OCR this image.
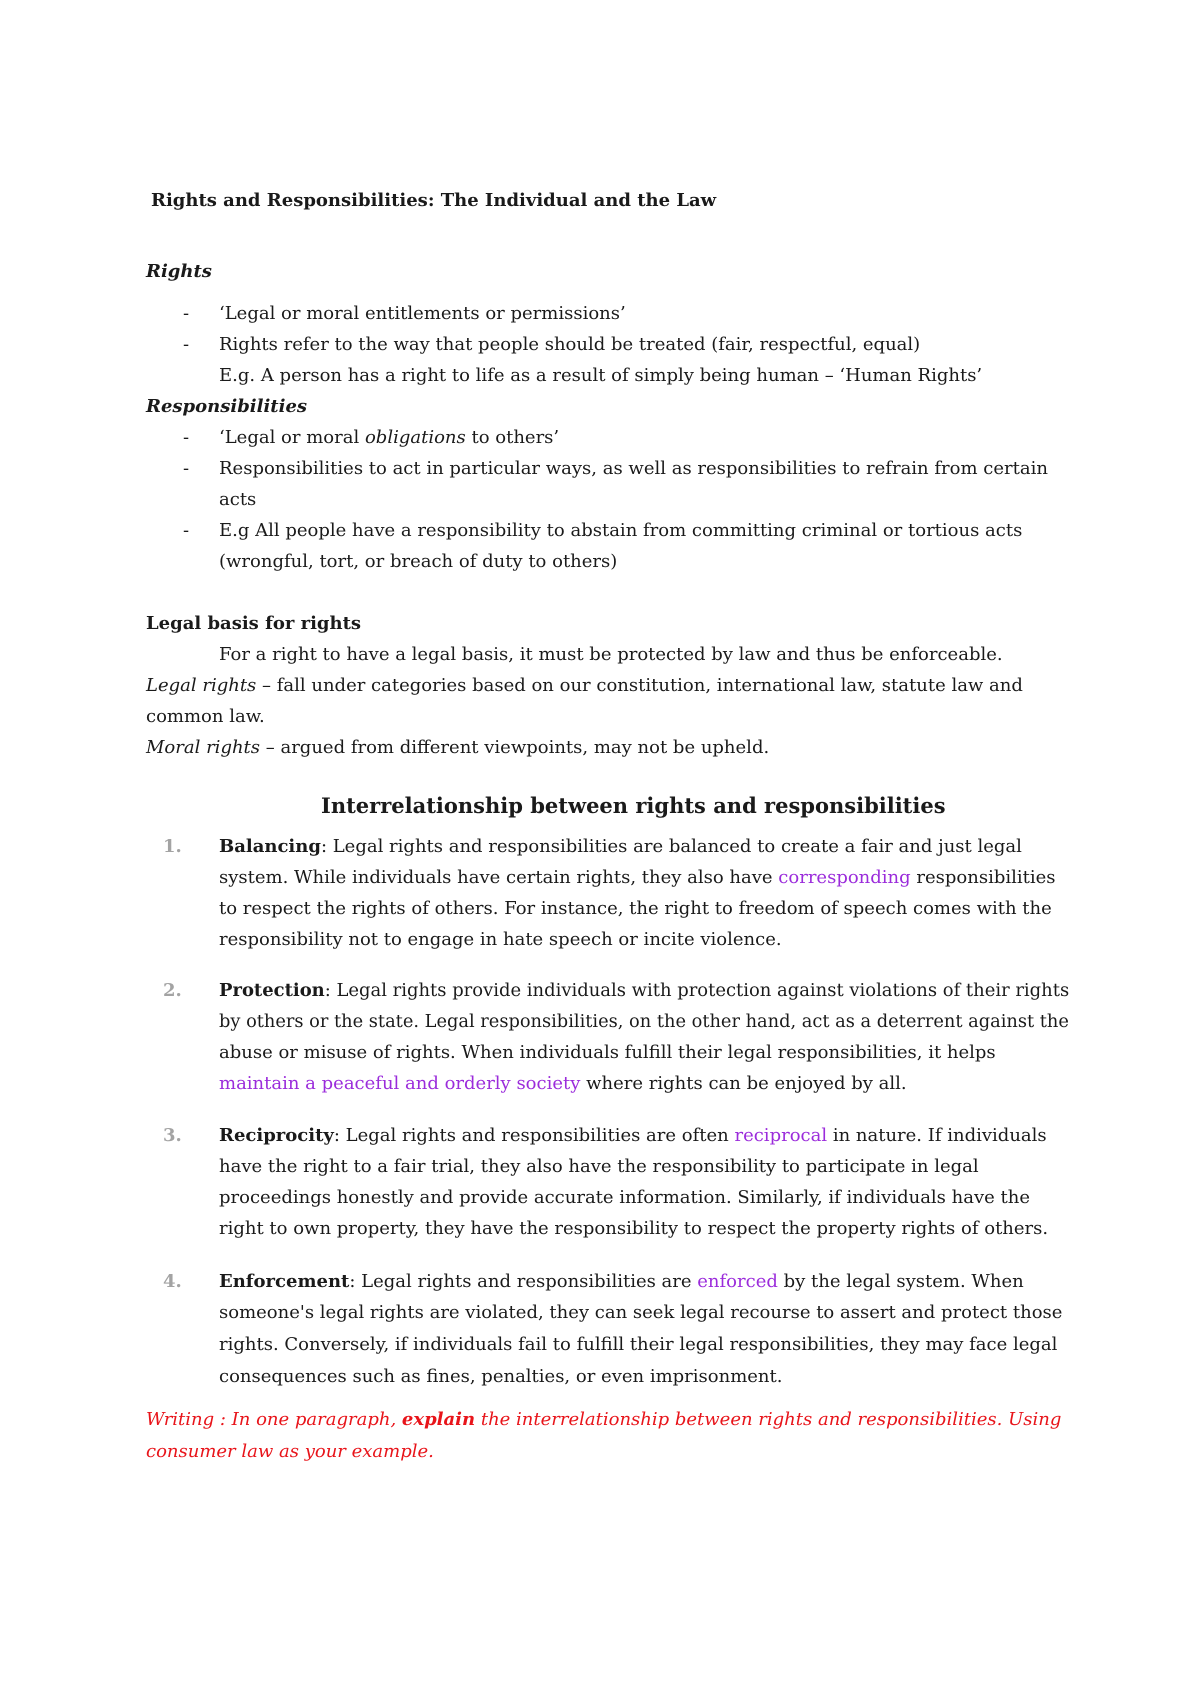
Rights and Responsibilities: The Individual and the Law
Rights
- ‘Legal or moral entitlements or permissions’
- Rights refer to the way that people should be treated (fair, respectful, equal)
E.g. A person has a right to life as a result of simply being human – ‘Human Rights’
Responsibilities
- ‘Legal or moral obligations to others’
- Responsibilities to act in particular ways, as well as responsibilities to refrain from certain
acts
- E.g All people have a responsibility to abstain from committing criminal or tortious acts
(wrongful, tort, or breach of duty to others)
Legal basis for rights
For a right to have a legal basis, it must be protected by law and thus be enforceable.
Legal rights – fall under categories based on our constitution, international law, statute law and
common law.
Moral rights – argued from different viewpoints, may not be upheld.
Interrelationship between rights and responsibilities
1. Balancing: Legal rights and responsibilities are balanced to create a fair and just legal
system. While individuals have certain rights, they also have corresponding responsibilities
to respect the rights of others. For instance, the right to freedom of speech comes with the
responsibility not to engage in hate speech or incite violence.
2. Protection: Legal rights provide individuals with protection against violations of their rights
by others or the state. Legal responsibilities, on the other hand, act as a deterrent against the
abuse or misuse of rights. When individuals fulfill their legal responsibilities, it helps
maintain a peaceful and orderly society where rights can be enjoyed by all.
3. Reciprocity: Legal rights and responsibilities are often reciprocal in nature. If individuals
have the right to a fair trial, they also have the responsibility to participate in legal
proceedings honestly and provide accurate information. Similarly, if individuals have the
right to own property, they have the responsibility to respect the property rights of others.
4. Enforcement: Legal rights and responsibilities are enforced by the legal system. When
someone's legal rights are violated, they can seek legal recourse to assert and protect those
rights. Conversely, if individuals fail to fulfill their legal responsibilities, they may face legal
consequences such as fines, penalties, or even imprisonment.
Writing : In one paragraph, explain the interrelationship between rights and responsibilities. Using
consumer law as your example.
